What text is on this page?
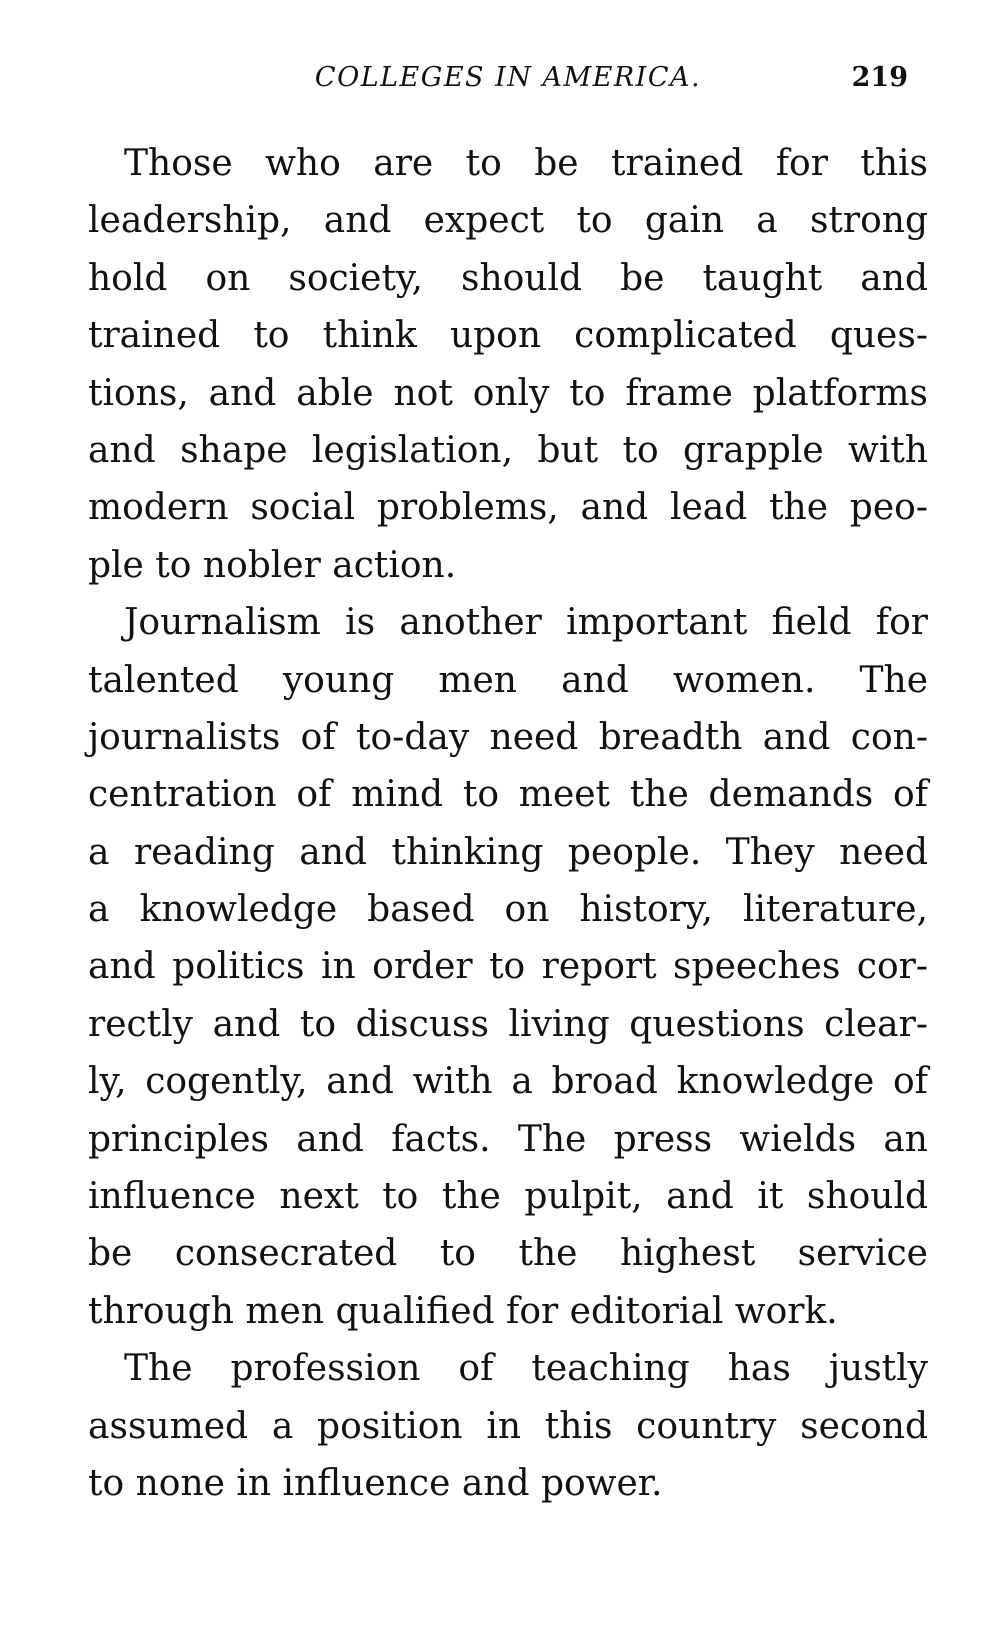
COLLEGES IN AMERICA.	219
Those who are to be trained for this
leadership, and expect to gain a strong
hold on society, should be taught and
trained to think upon complicated ques-
tions, and able not only to frame platforms
and shape legislation, but to grapple with
modern social problems, and lead the peo-
ple to nobler action.
Journalism is another important field for
talented young men and women. The
journalists of to-day need breadth and con-
centration of mind to meet the demands of
a reading and thinking people. They need
a knowledge based on history, literature,
and politics in order to report speeches cor-
rectly and to discuss living questions clear-
ly, cogently, and with a broad knowledge of
principles and facts. The press wields an
influence next to the pulpit, and it should
be consecrated to the highest service
through men qualified for editorial work.
The profession of teaching has justly
assumed a position in this country second
to none in influence and power.
